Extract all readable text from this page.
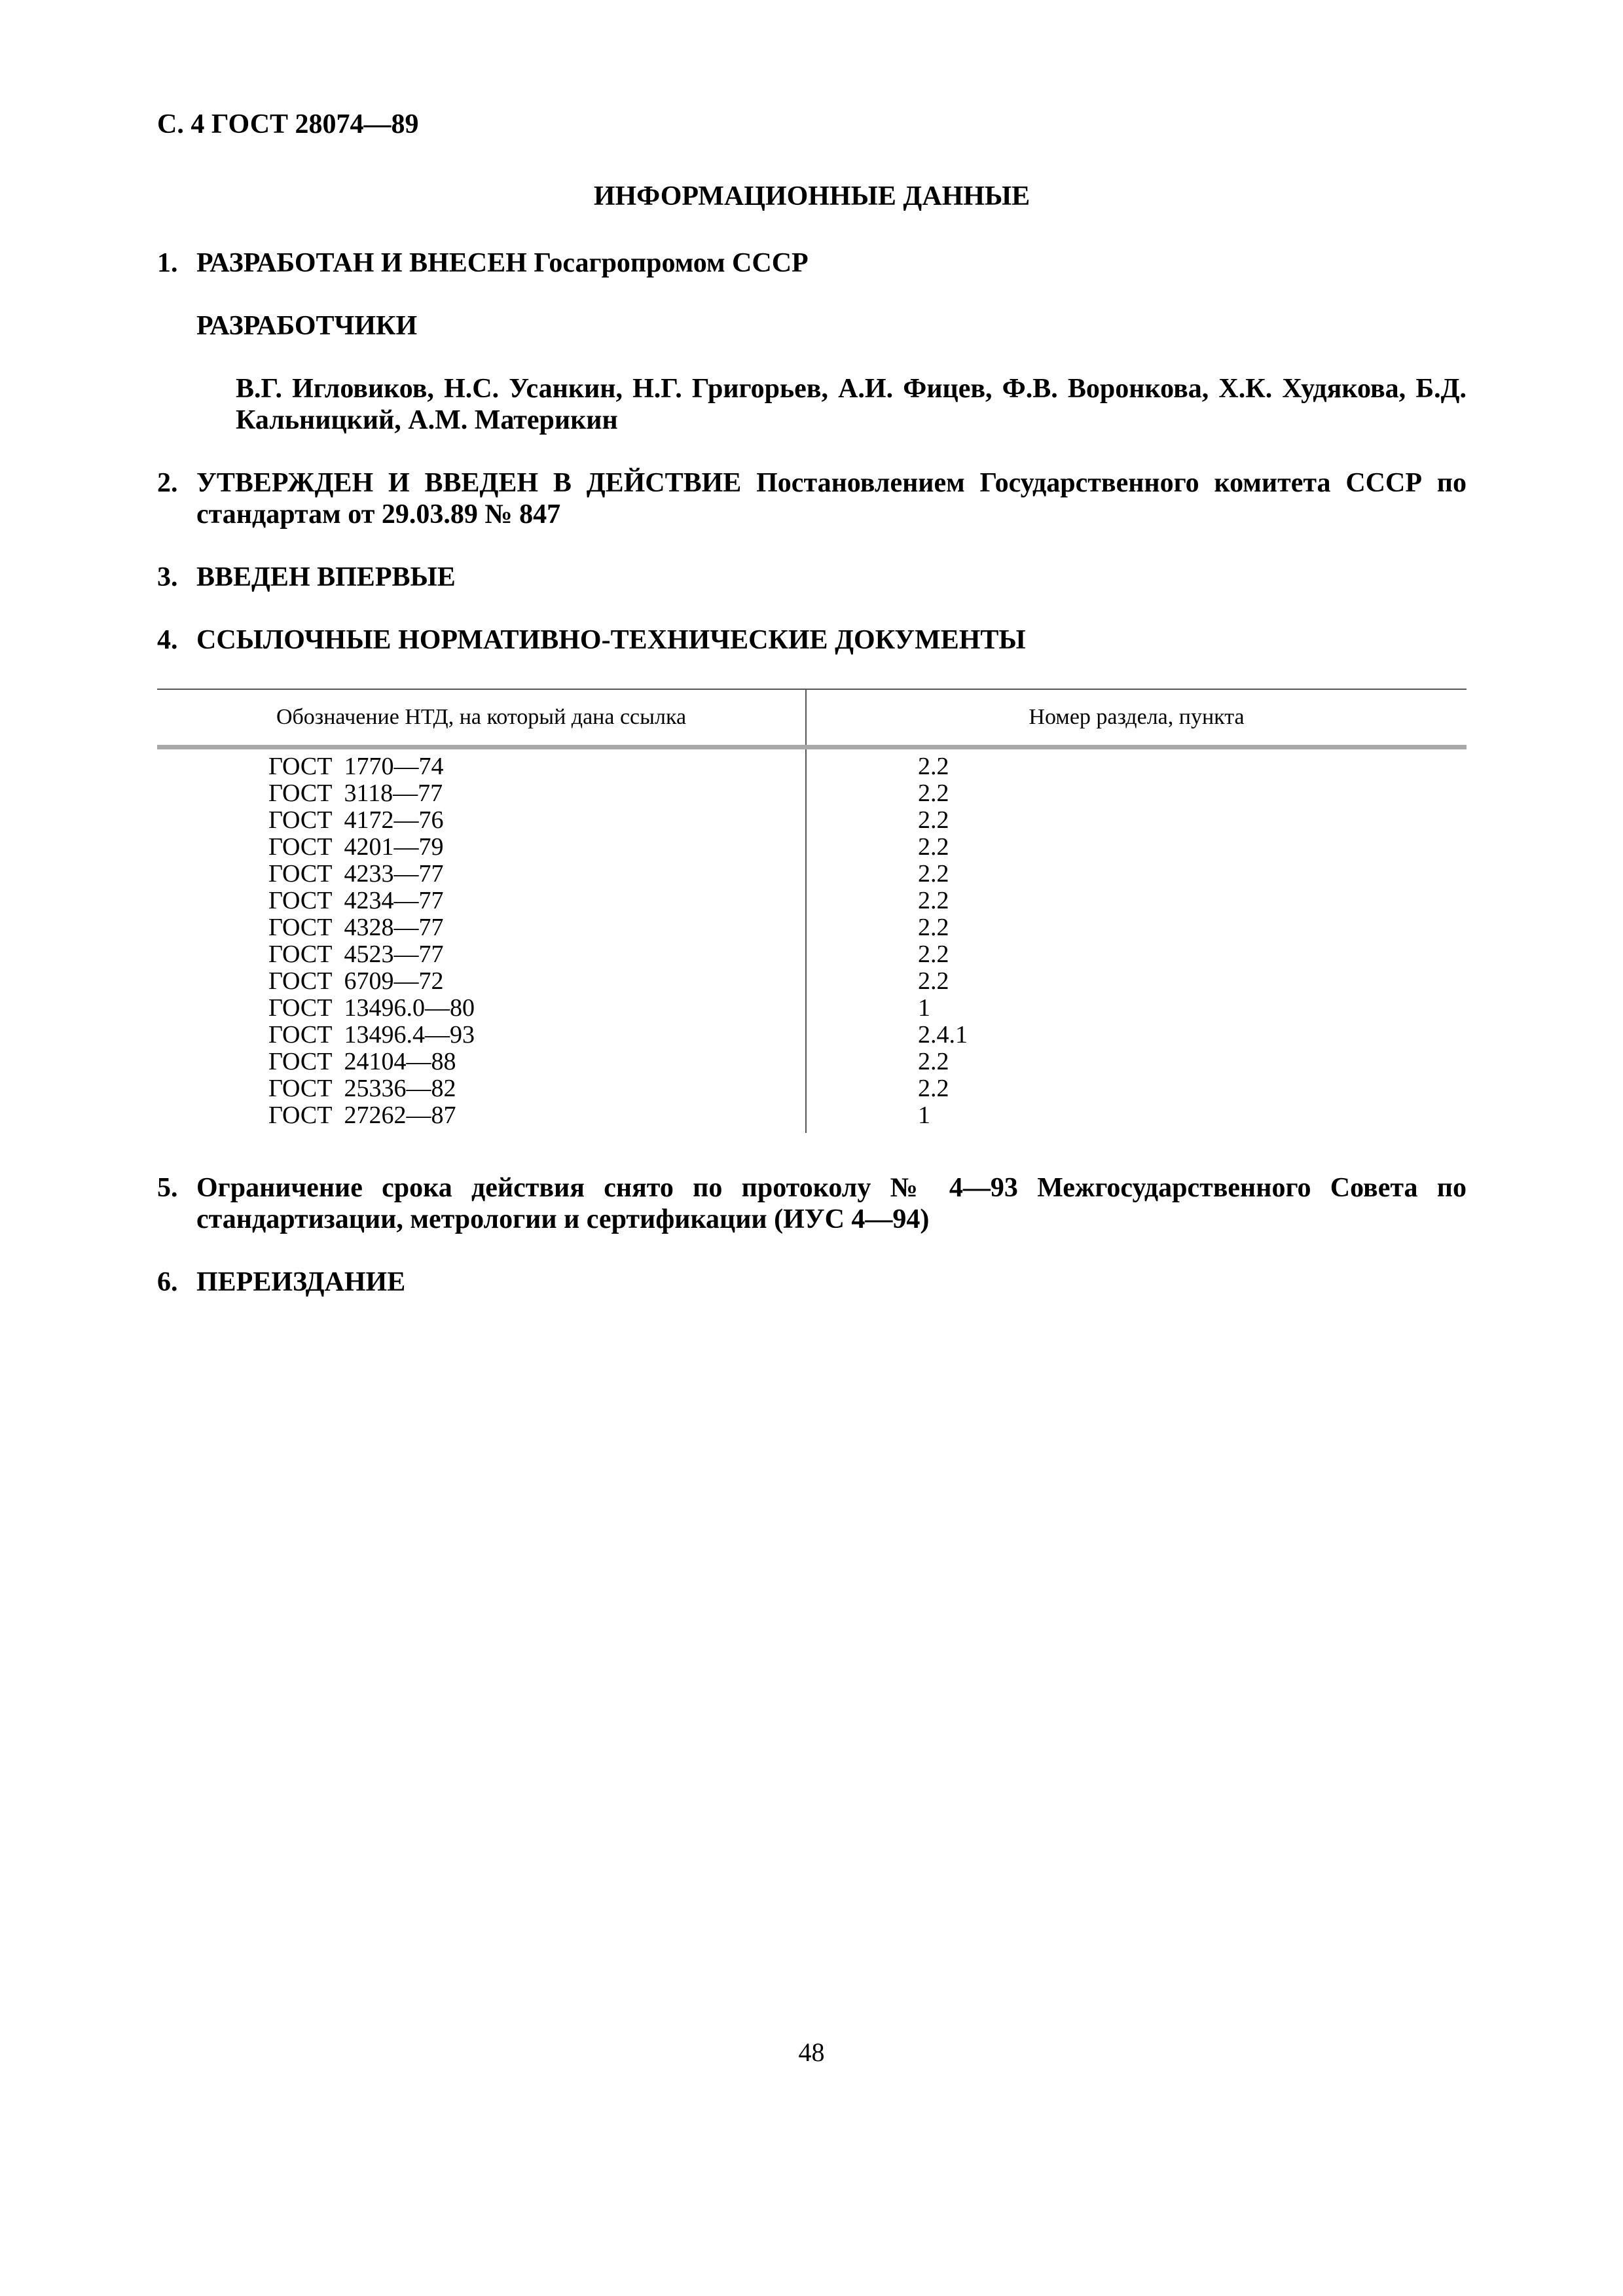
С. 4 ГОСТ 28074—89

ИНФОРМАЦИОННЫЕ ДАННЫЕ

1. РАЗРАБОТАН И ВНЕСЕН Госагропромом СССР

РАЗРАБОТЧИКИ

В.Г. Игловиков, Н.С. Усанкин, Н.Г. Григорьев, А.И. Фицев, Ф.В. Воронкова, Х.К. Худякова, Б.Д. Кальницкий, А.М. Материкин

2. УТВЕРЖДЕН И ВВЕДЕН В ДЕЙСТВИЕ Постановлением Государственного комитета СССР по стандартам от 29.03.89 № 847
3. ВВЕДЕН ВПЕРВЫЕ
4. ССЫЛОЧНЫЕ НОРМАТИВНО-ТЕХНИЧЕСКИЕ ДОКУМЕНТЫ
Обозначение НТД, на который дана ссылка	Номер раздела, пункта
ГОСТ 1770—74	2.2
ГОСТ 3118—77	2.2
ГОСТ 4172—76	2.2
ГОСТ 4201—79	2.2
ГОСТ 4233—77	2.2
ГОСТ 4234—77	2.2
ГОСТ 4328—77	2.2
ГОСТ 4523—77	2.2
ГОСТ 6709—72	2.2
ГОСТ 13496.0—80	1
ГОСТ 13496.4—93	2.4.1
ГОСТ 24104—88	2.2
ГОСТ 25336—82	2.2
ГОСТ 27262—87	1
5. Ограничение срока действия снято по протоколу № 4—93 Межгосударственного Совета по стандартизации, метрологии и сертификации (ИУС 4—94)
6. ПЕРЕИЗДАНИЕ
48
